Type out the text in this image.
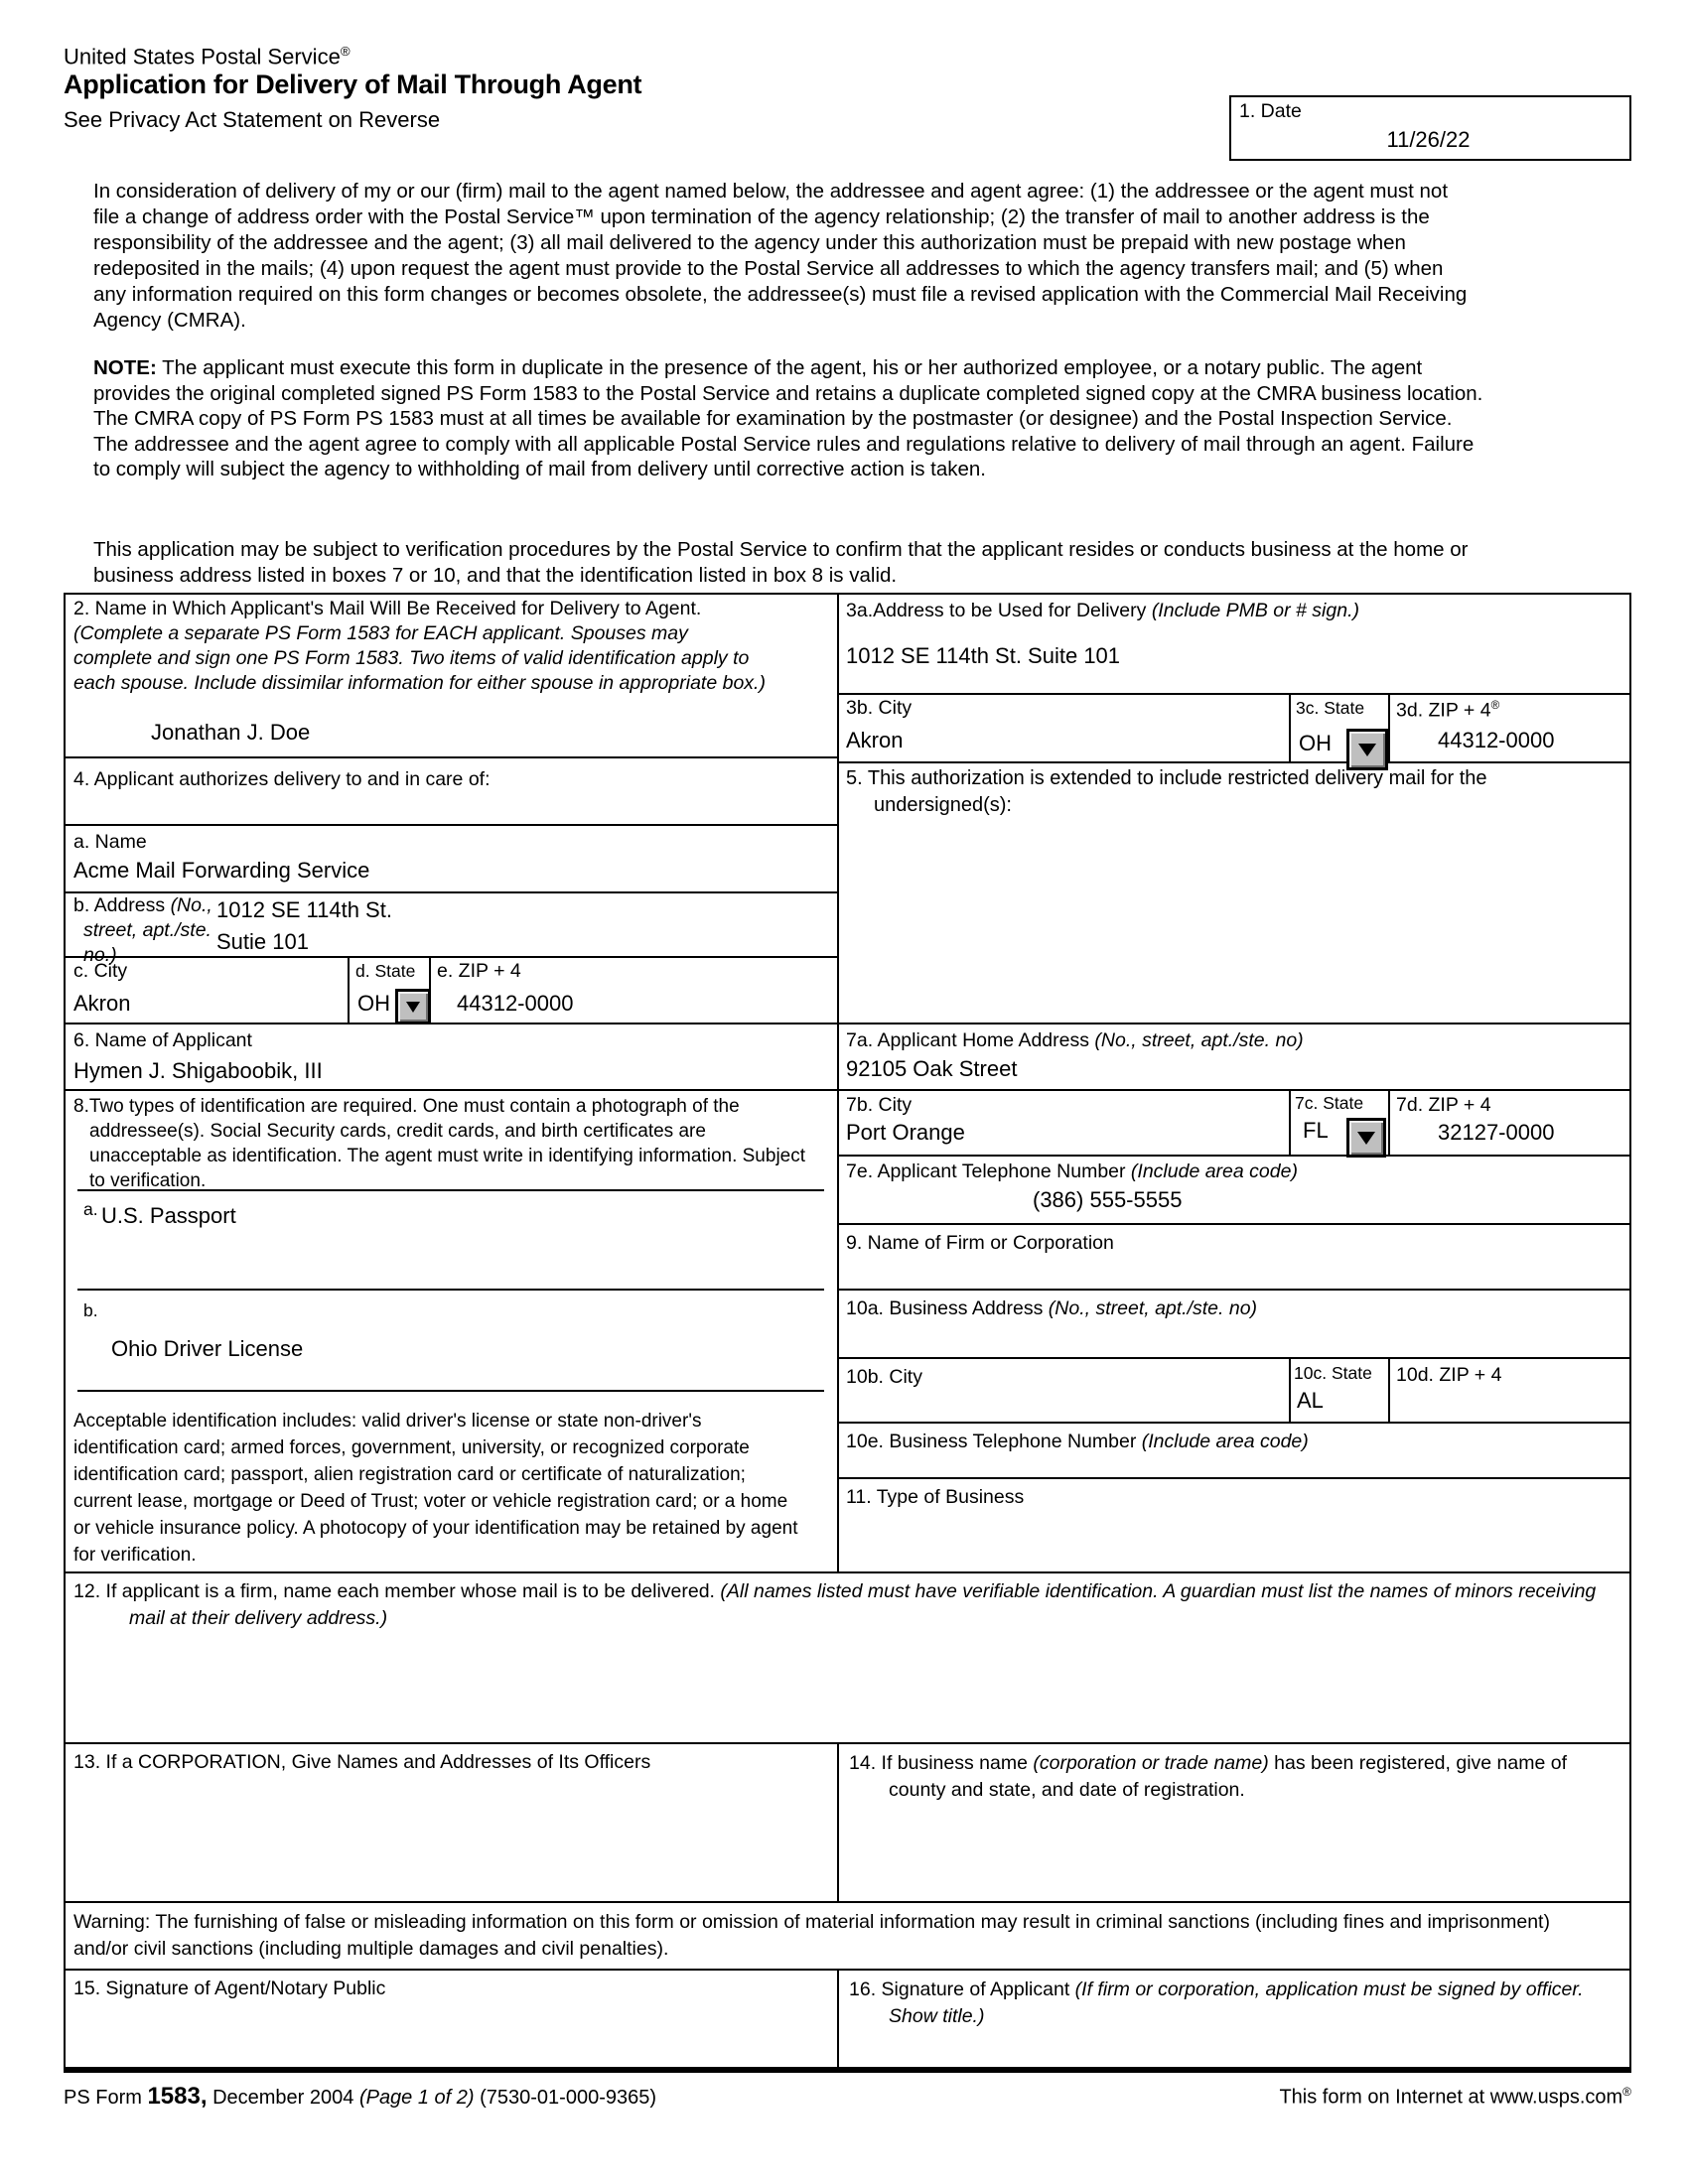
United States Postal Service®
Application for Delivery of Mail Through Agent
See Privacy Act Statement on Reverse	1. Date
11/26/22
In consideration of delivery of my or our (firm) mail to the agent named below, the addressee and agent agree: (1) the addressee or the agent must not file a change of address order with the Postal Service™ upon termination of the agency relationship; (2) the transfer of mail to another address is the responsibility of the addressee and the agent; (3) all mail delivered to the agency under this authorization must be prepaid with new postage when redeposited in the mails; (4) upon request the agent must provide to the Postal Service all addresses to which the agency transfers mail; and (5) when any information required on this form changes or becomes obsolete, the addressee(s) must file a revised application with the Commercial Mail Receiving Agency (CMRA).
NOTE: The applicant must execute this form in duplicate in the presence of the agent, his or her authorized employee, or a notary public. The agent provides the original completed signed PS Form 1583 to the Postal Service and retains a duplicate completed signed copy at the CMRA business location. The CMRA copy of PS Form PS 1583 must at all times be available for examination by the postmaster (or designee) and the Postal Inspection Service. The addressee and the agent agree to comply with all applicable Postal Service rules and regulations relative to delivery of mail through an agent. Failure to comply will subject the agency to withholding of mail from delivery until corrective action is taken.
This application may be subject to verification procedures by the Postal Service to confirm that the applicant resides or conducts business at the home or business address listed in boxes 7 or 10, and that the identification listed in box 8 is valid.
2. Name in Which Applicant's Mail Will Be Received for Delivery to Agent. (Complete a separate PS Form 1583 for EACH applicant. Spouses may complete and sign one PS Form 1583. Two items of valid identification apply to each spouse. Include dissimilar information for either spouse in appropriate box.)
Jonathan J. Doe
3a.Address to be Used for Delivery (Include PMB or # sign.)
1012 SE 114th St. Suite 101
3b. City
Akron
3c. State
OH
3d. ZIP + 4®
44312-0000
4. Applicant authorizes delivery to and in care of:
a. Name
Acme Mail Forwarding Service
b. Address (No., street, apt./ste. no.)
1012 SE 114th St.
Sutie 101
c. City
Akron
d. State
OH
e. ZIP + 4
44312-0000
5. This authorization is extended to include restricted delivery mail for the undersigned(s):
6. Name of Applicant
Hymen J. Shigaboobik, III
7a. Applicant Home Address (No., street, apt./ste. no)
92105 Oak Street
7b. City
Port Orange
7c. State
FL
7d. ZIP + 4
32127-0000
7e. Applicant Telephone Number (Include area code)
(386) 555-5555
8.Two types of identification are required. One must contain a photograph of the addressee(s). Social Security cards, credit cards, and birth certificates are unacceptable as identification. The agent must write in identifying information. Subject to verification.
a. U.S. Passport
b.
Ohio Driver License
Acceptable identification includes: valid driver's license or state non-driver's identification card; armed forces, government, university, or recognized corporate identification card; passport, alien registration card or certificate of naturalization; current lease, mortgage or Deed of Trust; voter or vehicle registration card; or a home or vehicle insurance policy. A photocopy of your identification may be retained by agent for verification.
9. Name of Firm or Corporation
10a. Business Address (No., street, apt./ste. no)
10b. City	10c. State
AL
10d. ZIP + 4
10e. Business Telephone Number (Include area code)
11. Type of Business
12. If applicant is a firm, name each member whose mail is to be delivered. (All names listed must have verifiable identification. A guardian must list the names of minors receiving mail at their delivery address.)
13. If a CORPORATION, Give Names and Addresses of Its Officers	14. If business name (corporation or trade name) has been registered, give name of county and state, and date of registration.
Warning: The furnishing of false or misleading information on this form or omission of material information may result in criminal sanctions (including fines and imprisonment) and/or civil sanctions (including multiple damages and civil penalties).
15. Signature of Agent/Notary Public	16. Signature of Applicant (If firm or corporation, application must be signed by officer. Show title.)
PS Form 1583, December 2004 (Page 1 of 2) (7530-01-000-9365)	This form on Internet at www.usps.com®
